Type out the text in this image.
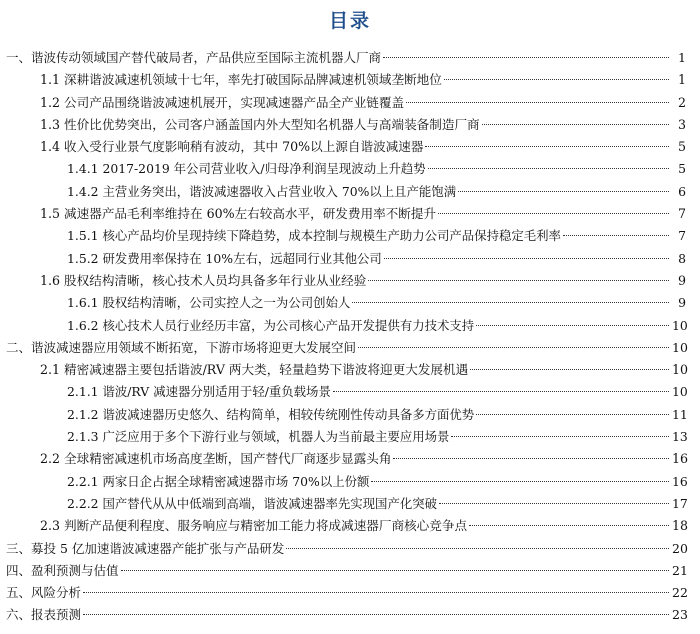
目录
一、谐波传动领域国产替代破局者，产品供应至国际主流机器人厂商	1
1.1 深耕谐波减速机领域十七年，率先打破国际品牌减速机领域垄断地位	1
1.2 公司产品围绕谐波减速机展开，实现减速器产品全产业链覆盖	2
1.3 性价比优势突出，公司客户涵盖国内外大型知名机器人与高端装备制造厂商	3
1.4 收入受行业景气度影响稍有波动，其中 70%以上源自谐波减速器	5
1.4.1 2017-2019 年公司营业收入/归母净利润呈现波动上升趋势	5
1.4.2 主营业务突出，谐波减速器收入占营业收入 70%以上且产能饱满	6
1.5 减速器产品毛利率维持在 60%左右较高水平，研发费用率不断提升	7
1.5.1 核心产品均价呈现持续下降趋势，成本控制与规模生产助力公司产品保持稳定毛利率	7
1.5.2 研发费用率保持在 10%左右，远超同行业其他公司	8
1.6 股权结构清晰，核心技术人员均具备多年行业从业经验	9
1.6.1 股权结构清晰，公司实控人之一为公司创始人	9
1.6.2 核心技术人员行业经历丰富，为公司核心产品开发提供有力技术支持	10
二、谐波减速器应用领域不断拓宽，下游市场将迎更大发展空间	10
2.1 精密减速器主要包括谐波/RV 两大类，轻量趋势下谐波将迎更大发展机遇	10
2.1.1 谐波/RV 减速器分别适用于轻/重负载场景	10
2.1.2 谐波减速器历史悠久、结构简单，相较传统刚性传动具备多方面优势	11
2.1.3 广泛应用于多个下游行业与领域，机器人为当前最主要应用场景	13
2.2 全球精密减速机市场高度垄断，国产替代厂商逐步显露头角	16
2.2.1 两家日企占据全球精密减速器市场 70%以上份额	16
2.2.2 国产替代从从中低端到高端，谐波减速器率先实现国产化突破	17
2.3 判断产品便利程度、服务响应与精密加工能力将成减速器厂商核心竞争点	18
三、募投 5 亿加速谐波减速器产能扩张与产品研发	20
四、盈利预测与估值	21
五、风险分析	22
六、报表预测	23
